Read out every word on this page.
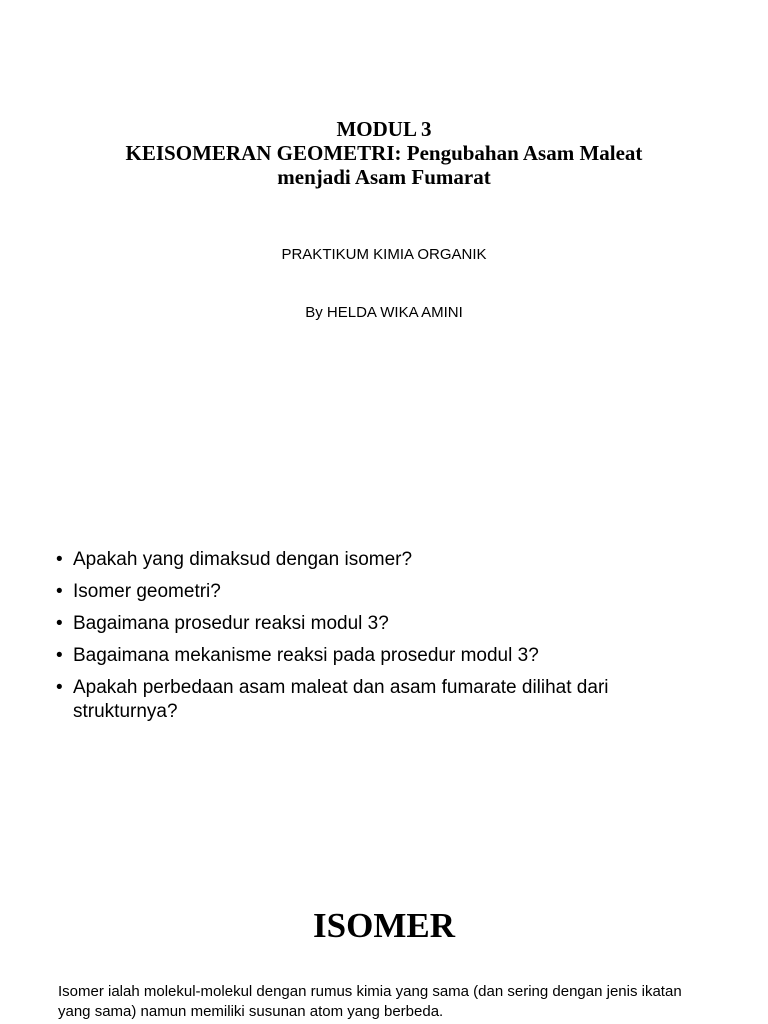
MODUL 3
KEISOMERAN GEOMETRI: Pengubahan Asam Maleat
menjadi Asam Fumarat
PRAKTIKUM KIMIA ORGANIK
By HELDA WIKA AMINI
• Apakah yang dimaksud dengan isomer?
• Isomer geometri?
• Bagaimana prosedur reaksi modul 3?
• Bagaimana mekanisme reaksi pada prosedur modul 3?
• Apakah perbedaan asam maleat dan asam fumarate dilihat dari strukturnya?
ISOMER
Isomer ialah molekul-molekul dengan rumus kimia yang sama (dan sering dengan jenis ikatan yang sama) namun memiliki susunan atom yang berbeda.
